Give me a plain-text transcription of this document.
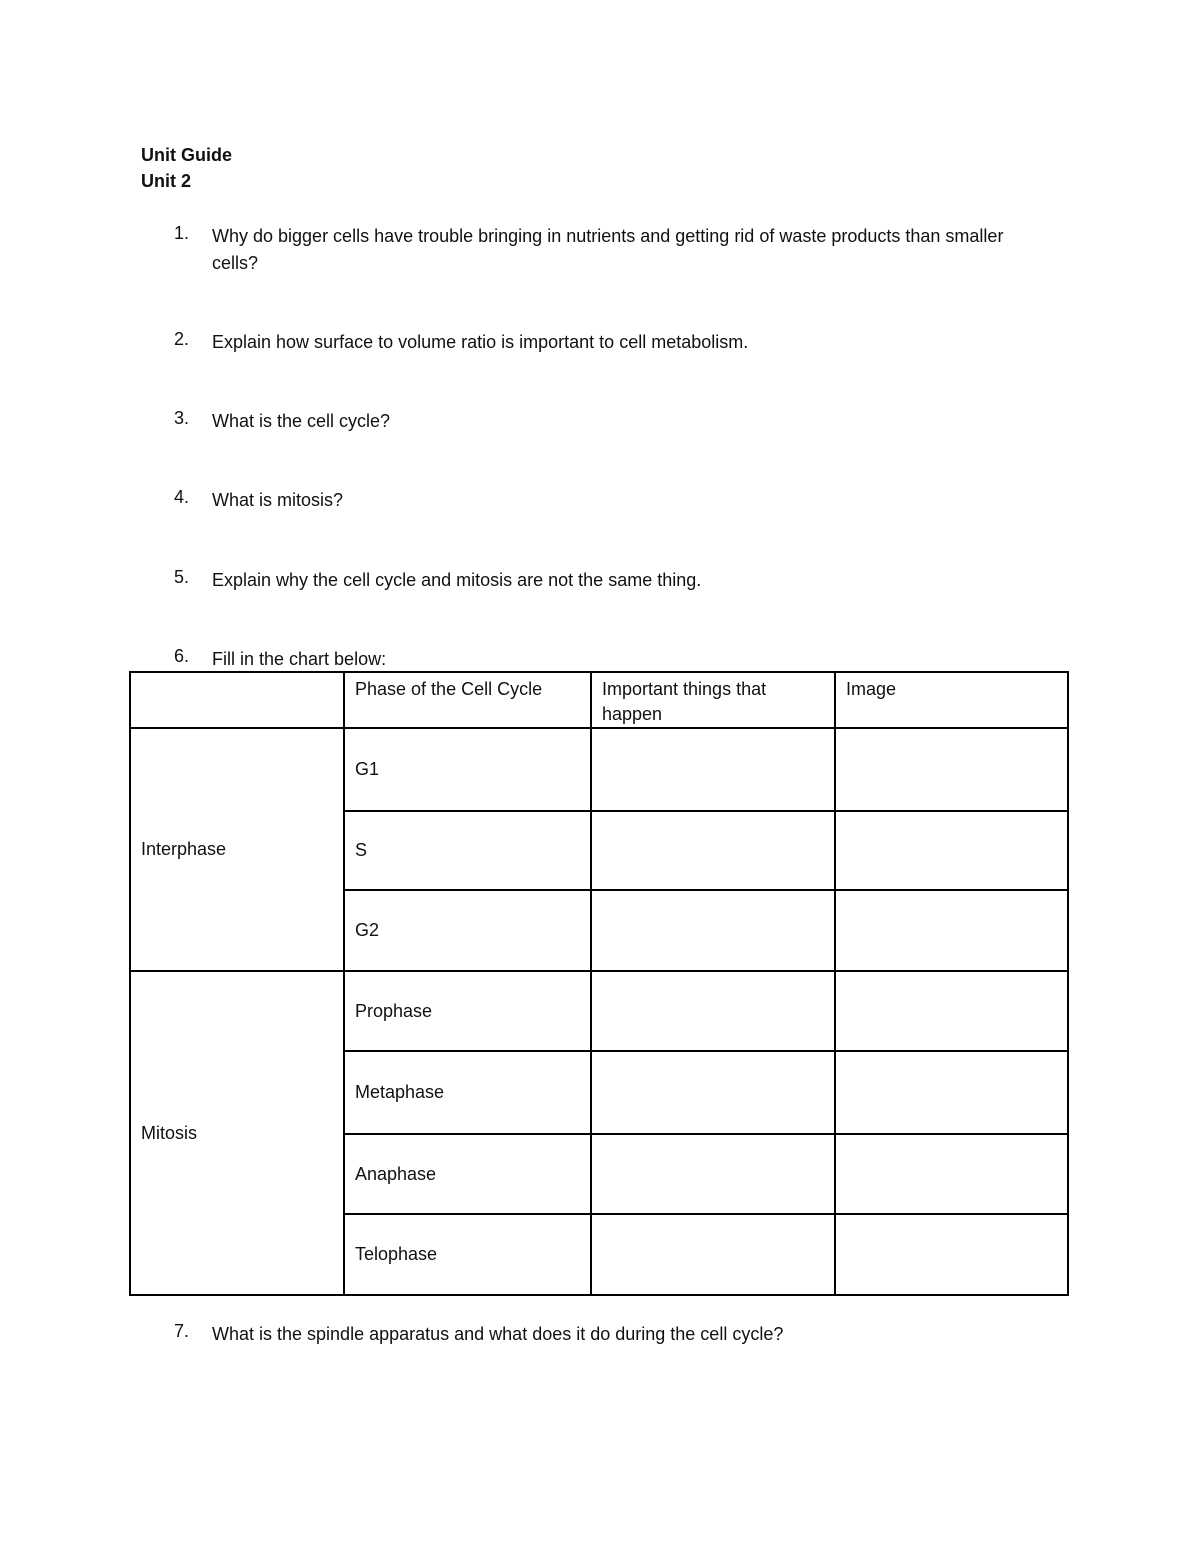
Unit Guide
Unit 2
1. Why do bigger cells have trouble bringing in nutrients and getting rid of waste products than smaller cells?
2. Explain how surface to volume ratio is important to cell metabolism.
3. What is the cell cycle?
4. What is mitosis?
5. Explain why the cell cycle and mitosis are not the same thing.
6. Fill in the chart below:
	Phase of the Cell Cycle	Important things that happen	Image
Interphase	G1		
	S		
	G2		
Mitosis	Prophase		
	Metaphase		
	Anaphase		
	Telophase		
7. What is the spindle apparatus and what does it do during the cell cycle?
